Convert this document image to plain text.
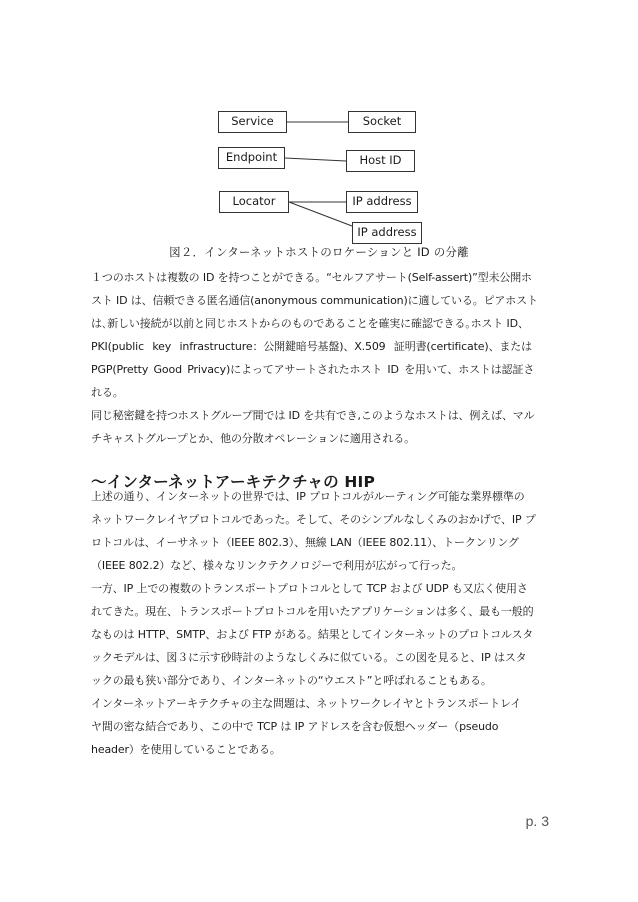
Service	Socket
Endpoint	Host ID
Locator	IP address
IP address
図２．インターネットホストのロケーションと ID の分離

１つのホストは複数の ID を持つことができる。“セルフアサート(Self-assert)”型未公開ホ
スト ID は、信頼できる匿名通信(anonymous communication)に適している。ピアホスト
は､新しい接続が以前と同じホストからのものであることを確実に確認できる｡ホスト ID、
PKI(public key infrastructure：公開鍵暗号基盤)、X.509 証明書(certificate)、または
PGP(Pretty Good Privacy)によってアサートされたホスト ID を用いて、ホストは認証さ
れる。
同じ秘密鍵を持つホストグループ間では ID を共有でき,このようなホストは、例えば、マル
チキャストグループとか、他の分散オペレーションに適用される。

～インターネットアーキテクチャの HIP

上述の通り、インターネットの世界では、IP プロトコルがルーティング可能な業界標準の
ネットワークレイヤプロトコルであった。そして、そのシンプルなしくみのおかげで、IP プ
ロトコルは、イーサネット（IEEE 802.3）、無線 LAN（IEEE 802.11）、トークンリング
（IEEE 802.2）など、様々なリンクテクノロジーで利用が広がって行った。
一方、IP 上での複数のトランスポートプロトコルとして TCP および UDP も又広く使用さ
れてきた。現在、トランスポートプロトコルを用いたアプリケーションは多く、最も一般的
なものは HTTP、SMTP、および FTP がある。結果としてインターネットのプロトコルスタ
ックモデルは、図３に示す砂時計のようなしくみに似ている。この図を見ると、IP はスタ
ックの最も狭い部分であり、インターネットの“ウエスト”と呼ばれることもある。
インターネットアーキテクチャの主な問題は、ネットワークレイヤとトランスポートレイ
ヤ間の密な結合であり、この中で TCP は IP アドレスを含む仮想ヘッダー（pseudo
header）を使用していることである。

p. 3
